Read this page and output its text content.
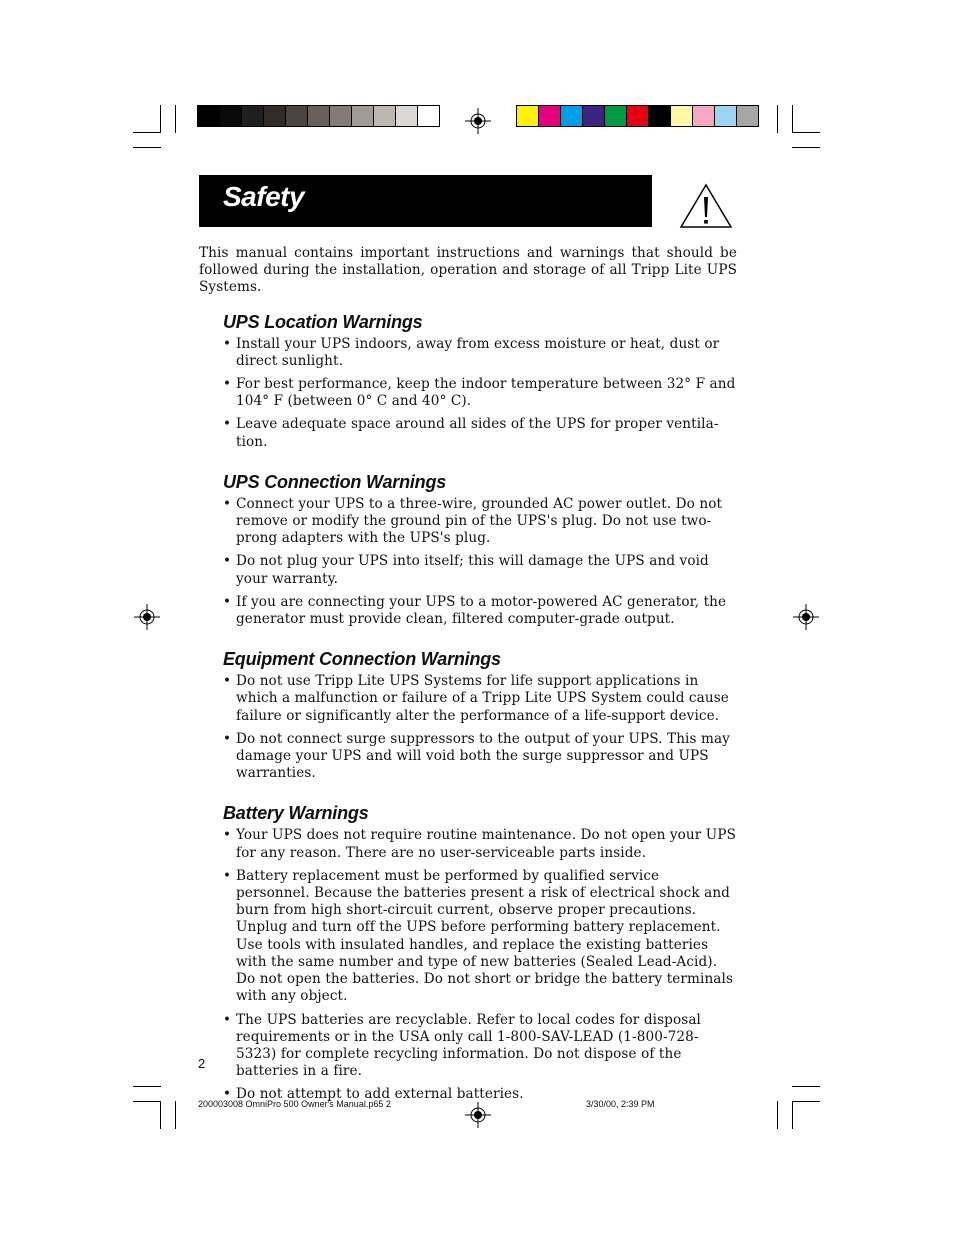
Safety

This manual contains important instructions and warnings that should be followed during the installation, operation and storage of all Tripp Lite UPS Systems.

UPS Location Warnings
• Install your UPS indoors, away from excess moisture or heat, dust or direct sunlight.
• For best performance, keep the indoor temperature between 32° F and 104° F (between 0° C and 40° C).
• Leave adequate space around all sides of the UPS for proper ventila-tion.
UPS Connection Warnings
• Connect your UPS to a three-wire, grounded AC power outlet. Do not remove or modify the ground pin of the UPS's plug. Do not use two-prong adapters with the UPS's plug.
• Do not plug your UPS into itself; this will damage the UPS and void your warranty.
• If you are connecting your UPS to a motor-powered AC generator, the generator must provide clean, filtered computer-grade output.
Equipment Connection Warnings
• Do not use Tripp Lite UPS Systems for life support applications in which a malfunction or failure of a Tripp Lite UPS System could cause failure or significantly alter the performance of a life-support device.
• Do not connect surge suppressors to the output of your UPS. This may damage your UPS and will void both the surge suppressor and UPS warranties.
Battery Warnings
• Your UPS does not require routine maintenance. Do not open your UPS for any reason. There are no user-serviceable parts inside.
• Battery replacement must be performed by qualified service personnel. Because the batteries present a risk of electrical shock and burn from high short-circuit current, observe proper precautions. Unplug and turn off the UPS before performing battery replacement. Use tools with insulated handles, and replace the existing batteries with the same number and type of new batteries (Sealed Lead-Acid). Do not open the batteries. Do not short or bridge the battery terminals with any object.
• The UPS batteries are recyclable. Refer to local codes for disposal requirements or in the USA only call 1-800-SAV-LEAD (1-800-728-5323) for complete recycling information. Do not dispose of the batteries in a fire.
• Do not attempt to add external batteries.
2
200003008 OmniPro 500 Owner's Manual.p65 2	3/30/00, 2:39 PM
